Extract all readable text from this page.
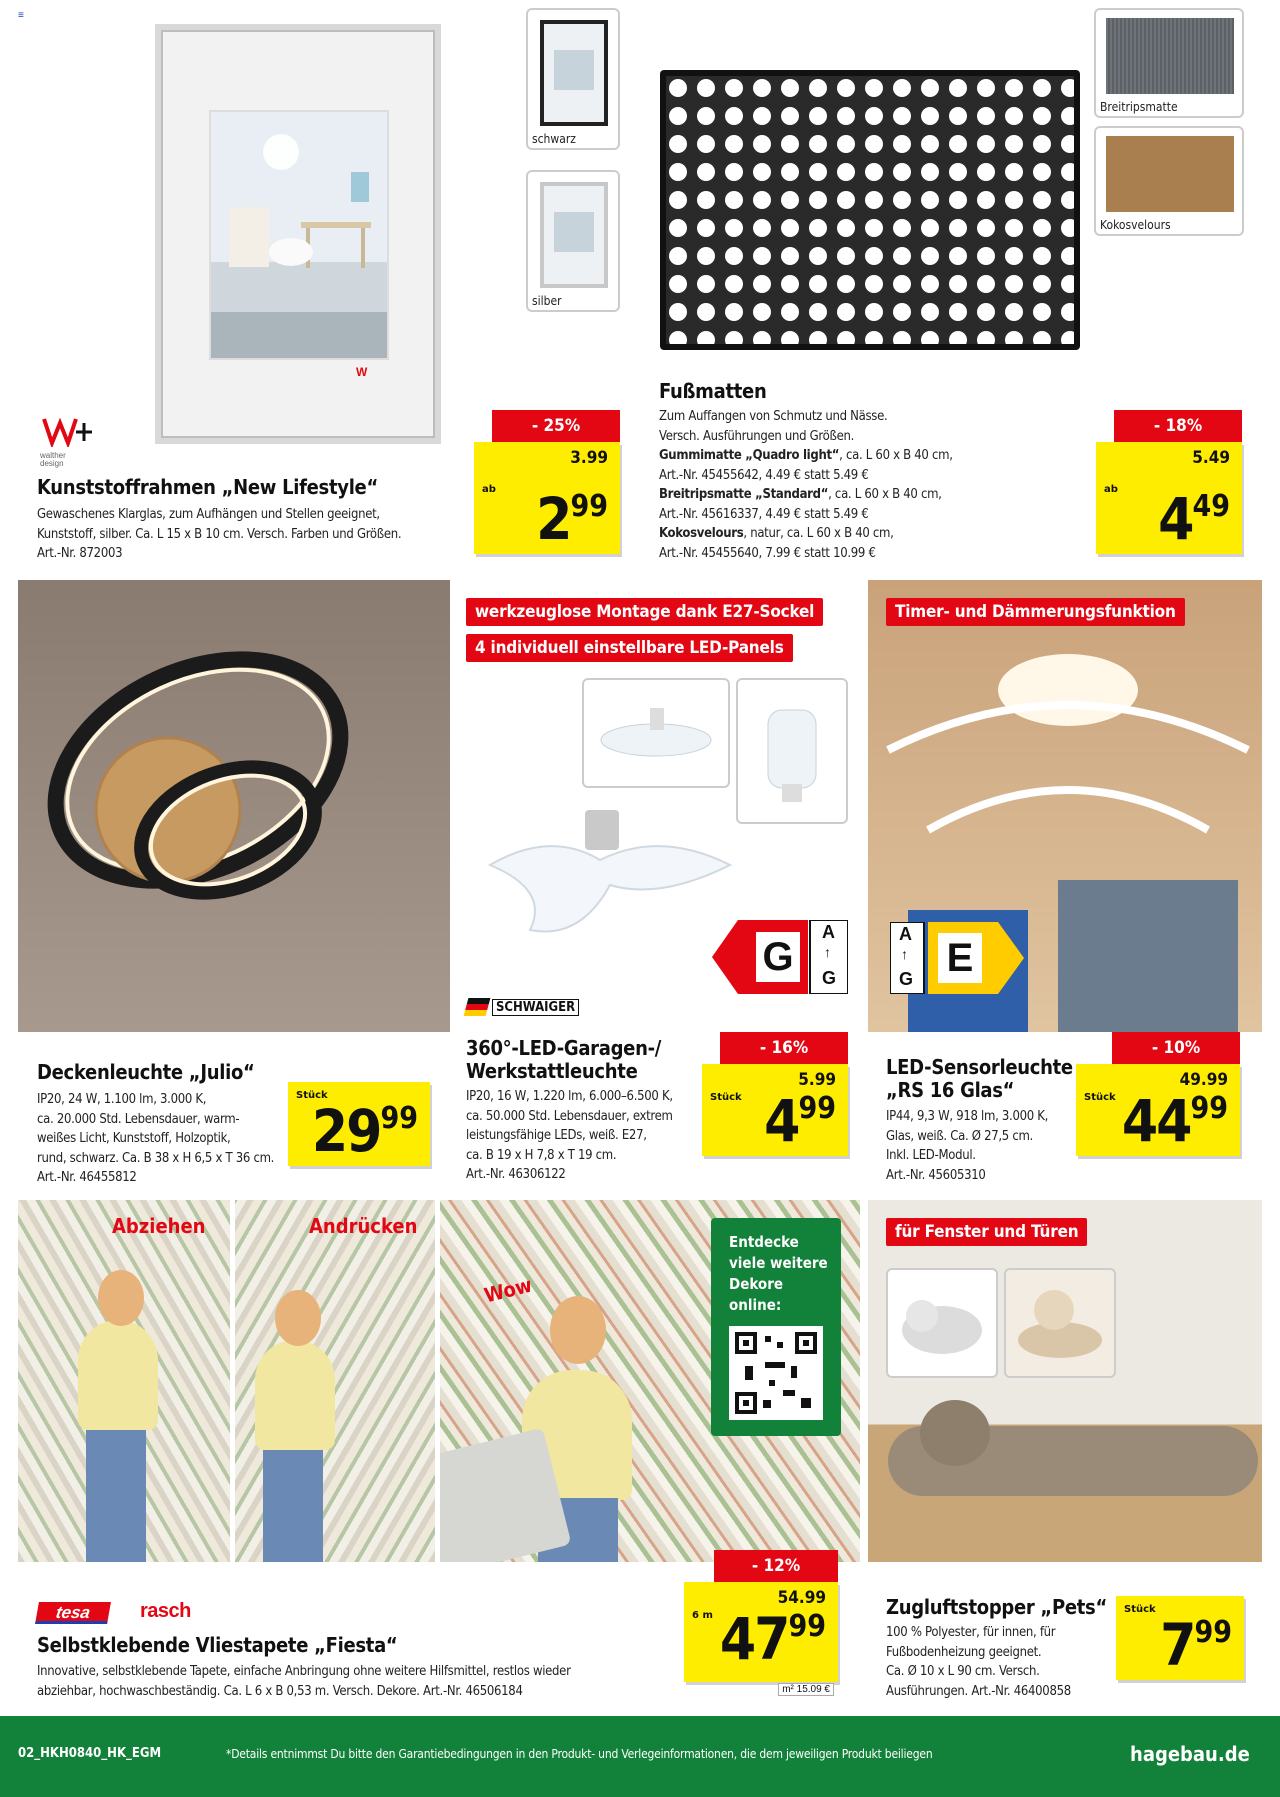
≡
W
schwarz
silber
walther design
Kunststoffrahmen „New Lifestyle“
Gewaschenes Klarglas, zum Aufhängen und Stellen geeignet,
Kunststoff, silber. Ca. L 15 x B 10 cm. Versch. Farben und Größen.
Art.-Nr. 872003
- 25%
ab
3.99
$2^{99}$
Breitripsmatte
Kokosvelours
Fußmatten
Zum Auffangen von Schmutz und Nässe.
Versch. Ausführungen und Größen.
Gummimatte „Quadro light“, ca. L 60 x B 40 cm,
Art.-Nr. 45455642, 4.49 € statt 5.49 €
Breitripsmatte „Standard“, ca. L 60 x B 40 cm,
Art.-Nr. 45616337, 4.49 € statt 5.49 €
Kokosvelours, natur, ca. L 60 x B 40 cm,
Art.-Nr. 45455640, 7.99 € statt 10.99 €
- 18%
ab
5.49
$4^{49}$
Deckenleuchte „Julio“
IP20, 24 W, 1.100 lm, 3.000 K,
ca. 20.000 Std. Lebensdauer, warm-
weißes Licht, Kunststoff, Holzoptik,
rund, schwarz. Ca. B 38 x H 6,5 x T 36 cm.
Art.-Nr. 46455812
Stück
$29^{99}$
werkzeuglose Montage dank E27-Sockel
4 individuell einstellbare LED-Panels
G
A
↑
G
SCHWAIGER
360°-LED-Garagen-/
Werkstattleuchte
IP20, 16 W, 1.220 lm, 6.000–6.500 K,
ca. 50.000 Std. Lebensdauer, extrem
leistungsfähige LEDs, weiß. E27,
ca. B 19 x H 7,8 x T 19 cm.
Art.-Nr. 46306122
- 16%
Stück
5.99
$4^{99}$
Timer- und Dämmerungsfunktion
A
↑
G E
LED-Sensorleuchte
„RS 16 Glas“
IP44, 9,3 W, 918 lm, 3.000 K,
Glas, weiß. Ca. Ø 27,5 cm.
Inkl. LED-Modul.
Art.-Nr. 45605310
- 10%
Stück
49.99
$44^{99}$
Abziehen	Andrücken
Wow
Entdecke
viele weitere
Dekore
online:
tesa	rasch
Selbstklebende Vliestapete „Fiesta“
Innovative, selbstklebende Tapete, einfache Anbringung ohne weitere Hilfsmittel, restlos wieder
abziehbar, hochwaschbeständig. Ca. L 6 x B 0,53 m. Versch. Dekore. Art.-Nr. 46506184
- 12%
6 m
54.99
$47^{99}$
m² 15.09 €
für Fenster und Türen
Zugluftstopper „Pets“
100 % Polyester, für innen, für
Fußbodenheizung geeignet.
Ca. Ø 10 x L 90 cm. Versch.
Ausführungen. Art.-Nr. 46400858
Stück
$7^{99}$
02_HKH0840_HK_EGM	*Details entnimmst Du bitte den Garantiebedingungen in den Produkt- und Verlegeinformationen, die dem jeweiligen Produkt beiliegen	hagebau.de
